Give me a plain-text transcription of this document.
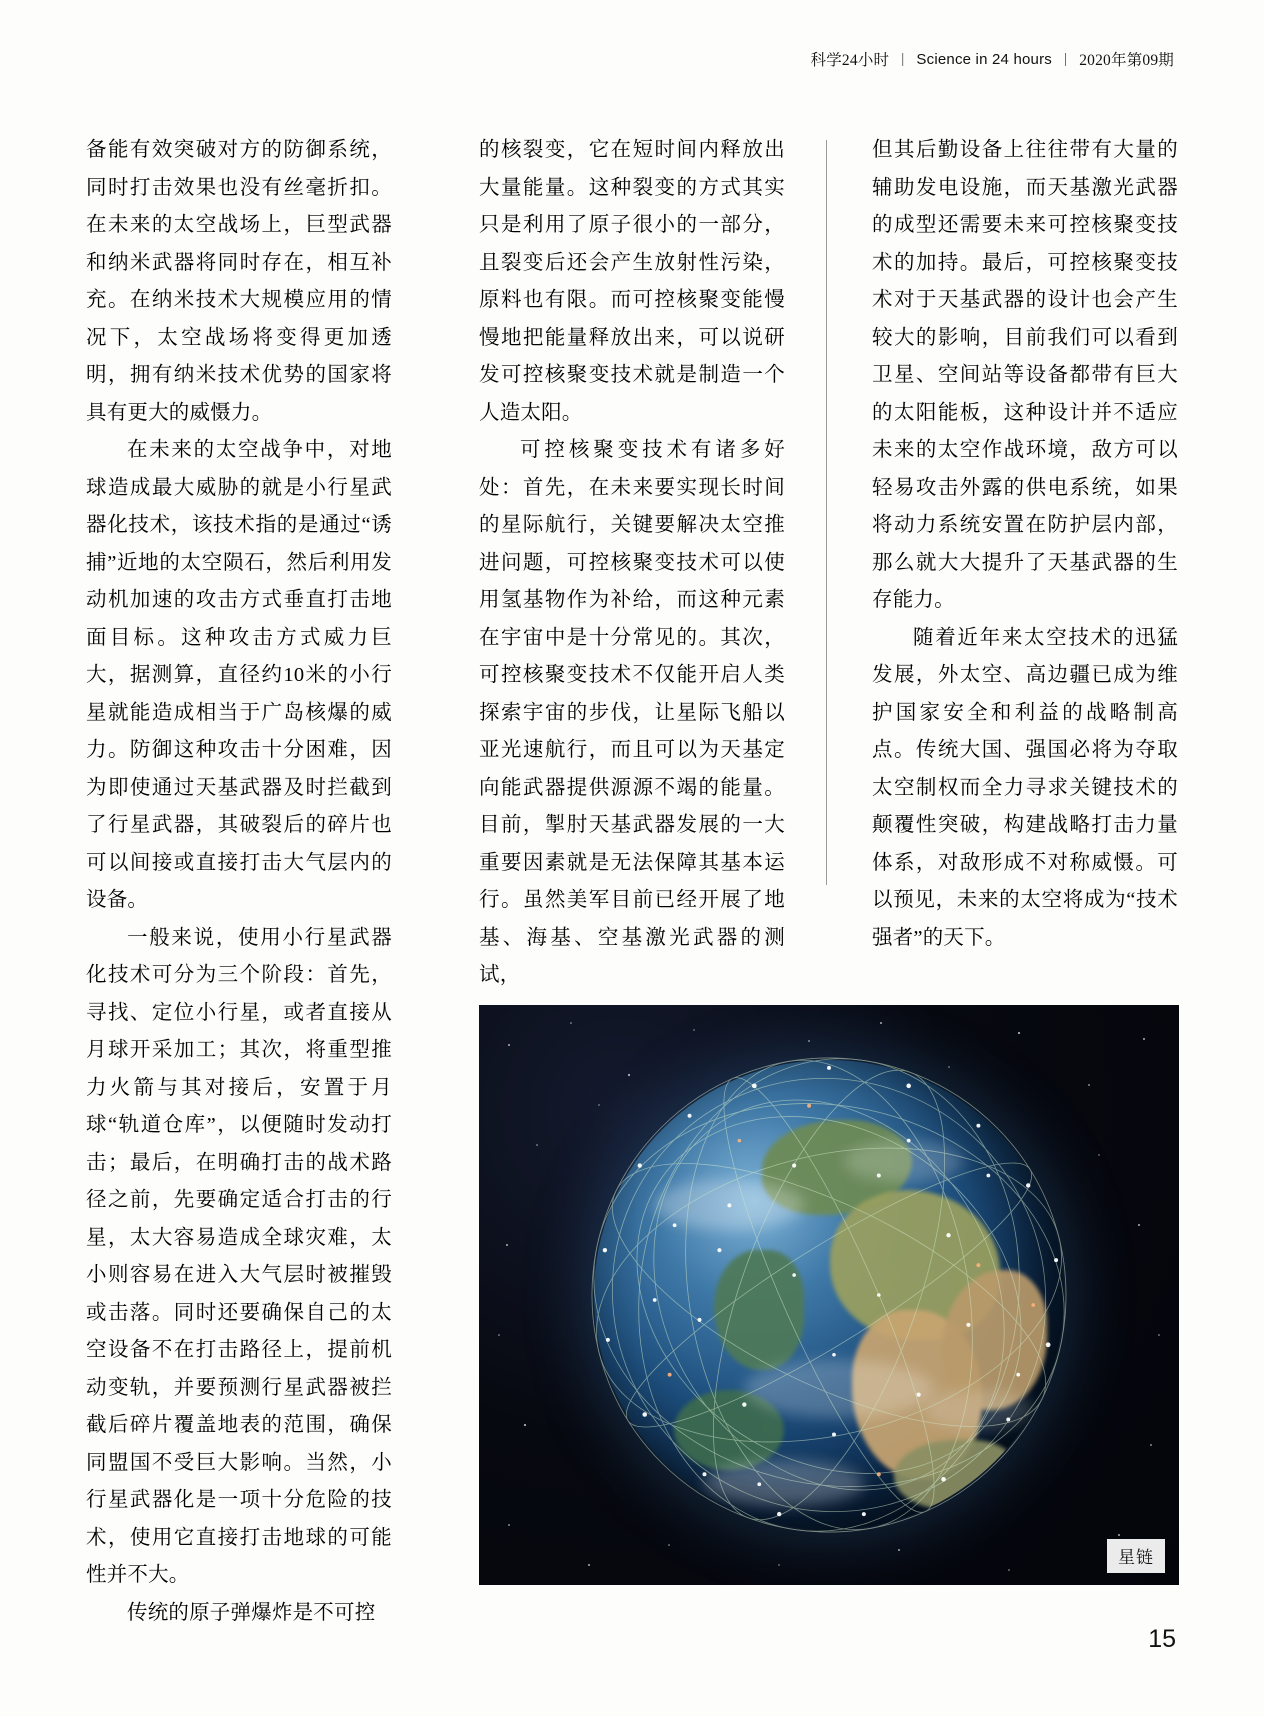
科学24小时 | Science in 24 hours | 2020年第09期

备能有效突破对方的防御系统，同时打击效果也没有丝毫折扣。在未来的太空战场上，巨型武器和纳米武器将同时存在，相互补充。在纳米技术大规模应用的情况下，太空战场将变得更加透明，拥有纳米技术优势的国家将具有更大的威慑力。

在未来的太空战争中，对地球造成最大威胁的就是小行星武器化技术，该技术指的是通过“诱捕”近地的太空陨石，然后利用发动机加速的攻击方式垂直打击地面目标。这种攻击方式威力巨大，据测算，直径约10米的小行星就能造成相当于广岛核爆的威力。防御这种攻击十分困难，因为即使通过天基武器及时拦截到了行星武器，其破裂后的碎片也可以间接或直接打击大气层内的设备。

一般来说，使用小行星武器化技术可分为三个阶段：首先，寻找、定位小行星，或者直接从月球开采加工；其次，将重型推力火箭与其对接后，安置于月球“轨道仓库”，以便随时发动打击；最后，在明确打击的战术路径之前，先要确定适合打击的行星，太大容易造成全球灾难，太小则容易在进入大气层时被摧毁或击落。同时还要确保自己的太空设备不在打击路径上，提前机动变轨，并要预测行星武器被拦截后碎片覆盖地表的范围，确保同盟国不受巨大影响。当然，小行星武器化是一项十分危险的技术，使用它直接打击地球的可能性并不大。

传统的原子弹爆炸是不可控

的核裂变，它在短时间内释放出大量能量。这种裂变的方式其实只是利用了原子很小的一部分，且裂变后还会产生放射性污染，原料也有限。而可控核聚变能慢慢地把能量释放出来，可以说研发可控核聚变技术就是制造一个人造太阳。

可控核聚变技术有诸多好处：首先，在未来要实现长时间的星际航行，关键要解决太空推进问题，可控核聚变技术可以使用氢基物作为补给，而这种元素在宇宙中是十分常见的。其次，可控核聚变技术不仅能开启人类探索宇宙的步伐，让星际飞船以亚光速航行，而且可以为天基定向能武器提供源源不竭的能量。目前，掣肘天基武器发展的一大重要因素就是无法保障其基本运行。虽然美军目前已经开展了地基、海基、空基激光武器的测试，

但其后勤设备上往往带有大量的辅助发电设施，而天基激光武器的成型还需要未来可控核聚变技术的加持。最后，可控核聚变技术对于天基武器的设计也会产生较大的影响，目前我们可以看到卫星、空间站等设备都带有巨大的太阳能板，这种设计并不适应未来的太空作战环境，敌方可以轻易攻击外露的供电系统，如果将动力系统安置在防护层内部，那么就大大提升了天基武器的生存能力。

随着近年来太空技术的迅猛发展，外太空、高边疆已成为维护国家安全和利益的战略制高点。传统大国、强国必将为夺取太空制权而全力寻求关键技术的颠覆性突破，构建战略打击力量体系，对敌形成不对称威慑。可以预见，未来的太空将成为“技术强者”的天下。

星链
15
